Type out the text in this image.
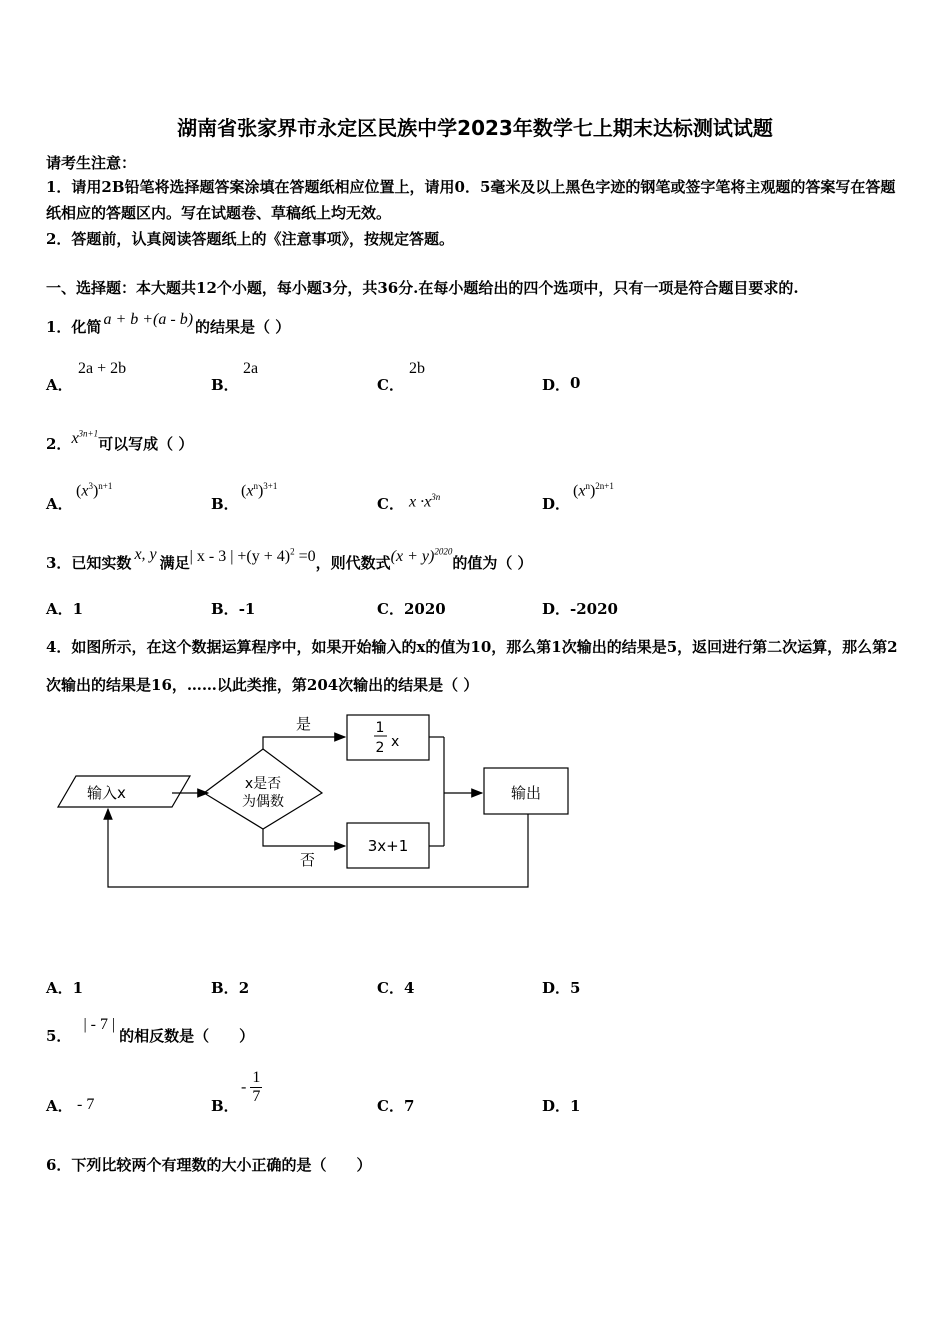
湖南省张家界市永定区民族中学2023年数学七上期末达标测试试题
请考生注意：
1．请用2B铅笔将选择题答案涂填在答题纸相应位置上，请用0．5毫米及以上黑色字迹的钢笔或签字笔将主观题的答案写在答题纸相应的答题区内。写在试题卷、草稿纸上均无效。
2．答题前，认真阅读答题纸上的《注意事项》，按规定答题。
一、选择题：本大题共12个小题，每小题3分，共36分.在每小题给出的四个选项中，只有一项是符合题目要求的.
1．化简 a + b +(a - b) 的结果是（ ）
A．
2a + 2b
B．
2a
C．
2b
D． 0
2．$x^{3n+1}$可以写成（ ）
A．
$(x^3)^{n+1}$
B．
$(x^n)^{3+1}$
C． $x \cdot x^{3n}$	D．
$(x^n)^{2n+1}$
3．已知实数 x, y 满足| x - 3 | $+(y + 4)^2 =0$，则代数式$(x + y)^{2020}$的值为（ ）
A．1	B．-1	C．2020	D．-2020
4．如图所示，在这个数据运算程序中，如果开始输入的x的值为10，那么第1次输出的结果是5，返回进行第二次运算，那么第2次输出的结果是16，……以此类推，第204次输出的结果是（ ）
输入x	x是否
为偶数
是	1
2 x
否
3x+1
输出
A．1	B．2	C．4	D．5
5．| - 7 |的相反数是（　　）
A． - 7	B．
- $\frac{1}{7}$	C．7	D．1
6．下列比较两个有理数的大小正确的是（　　）
